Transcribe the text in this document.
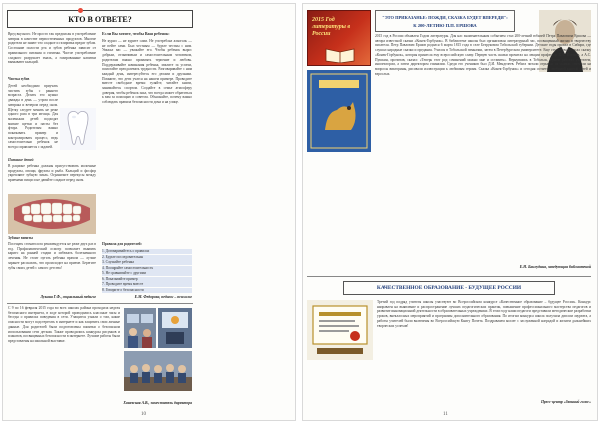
КТО В ОТВЕТЕ?
Вред вкусного. Не просто так предписан в употребление завтрак в качестве первостепенных продуктов. Многие родители не знают что сладкое и газировка вредят зубам. Состояние полости рта и зубов ребенка зависит от правильного питания и гигиены. Частое употребление сладкого разрушает эмаль, а газированные напитки вымывают кальций.
Чистка зубов
Детей необходимо приучать чистить зубы с раннего возраста. Делать это нужно дважды в день — утром после завтрака и вечером перед сном. Щетку следует менять не реже одного раза в три месяца. Для маленьких детей подходят мягкие щетки и пасты без фтора. Родителям важно показывать пример и контролировать процесс, ведь самостоятельно ребенок не всегда справляется с задачей.
Питание детей
В рационе ребенка должны присутствовать молочные продукты, овощи, фрукты и рыба. Кальций и фосфор укрепляют зубную эмаль. Ограничьте перекусы между приемами пищи и не давайте сладкое перед сном.
Зубные визиты
Посещать стоматолога рекомендуется не реже двух раз в год. Профилактический осмотр позволяет выявить кариес на ранней стадии и избежать болезненного лечения. Не стоит пугать ребенка врачом — лучше заранее рассказать, что происходит на приеме. Берегите зубы своих детей с самого детства!
Лукина Г.Ф., социальный педагог
Если Вы хотите, чтобы Ваш ребенок:
Не курил — не курите сами. Не употреблял алкоголь — не пейте сами. Был честным — будьте честны с ним. Уважал вас — уважайте его. Чтобы ребенок вырос добрым, отзывчивым и самостоятельным человеком, родителям важно проявлять терпение и любовь. Поддерживайте начинания ребенка, хвалите за успехи, помогайте преодолевать трудности. Разговаривайте с ним каждый день, интересуйтесь его делами и друзьями. Помните, что дети учатся на нашем примере. Проводите вместе свободное время: гуляйте, читайте книги, занимайтесь спортом. Создайте в семье атмосферу доверия, чтобы ребенок знал, что всегда может обратиться к вам за помощью и советом. Объясняйте, почему важно соблюдать правила безопасности дома и на улице.
Правила для родителей:
1. Договаривайтесь о правилах
2. Будьте последовательны
3. Слушайте ребенка
4. Поощряйте самостоятельность
5. Не сравнивайте с другими
6. Показывайте пример
7. Проводите время вместе
8. Говорите о безопасности
Е.М. Федорова, педагог – психолог
С 9 по 16 февраля 2015 года во всех школах района проходила неделя безопасного интернета, в ходе которой проводились классные часы и беседы о правилах поведения в сети. Учащиеся узнали о том, какие опасности могут подстерегать в интернете и как защитить свои личные данные. Для родителей были подготовлены памятки о безопасном использовании сети детьми. Также проводились конкурсы рисунков и плакатов, посвященных безопасности в интернете. Лучшие работы были представлены на школьной выставке.
Ханевская А.В., заместитель директора
10
2015 Год литературы в России
"ЭТО ПРИКАЗАНЬЕ: ПОЖДИ, СКАЗКА БУДЕТ ВПЕРЕДИ":
К 200-ЛЕТИЮ П.П. ЕРШОВА
2015 год в России объявлен Годом литературы. Для нас знаменательным событием стал 200-летний юбилей Петра Павловича Ершова — автора известной сказки «Конек-Горбунок». В библиотеке школы был организован литературный час, посвященный жизни и творчеству писателя. Петр Павлович Ершов родился 6 марта 1815 года в селе Безруковом Тобольской губернии. Детские годы провел в Сибири, где слушал народные сказки и предания. Учился в Тобольской гимназии, затем в Петербургском университете. Еще студентом написал сказку «Конек-Горбунок», которая принесла ему всероссийскую славу. Первую часть сказки прочитал на лекции профессор П.А. Плетнев, а А.С. Пушкин, прочитав, сказал: «Теперь этот род сочинений можно мне и оставить». Вернувшись в Тобольск, Ершов работал учителем, инспектором, а затем директором гимназии. Среди его учеников был Д.И. Менделеев. Ребята читали отрывки из сказки, отвечали на вопросы викторины, рисовали иллюстрации к любимым героям. Сказка «Конек-Горбунок» и сегодня остается любимой книгой детей и взрослых.
Е.Н. Баилудина, заведующая библиотекой
КАЧЕСТВЕННОЕ ОБРАЗОВАНИЕ - БУДУЩЕЕ РОССИИ
Третий год подряд учителя школы участвуют во Всероссийском конкурсе «Качественное образование – будущее России». Конкурс направлен на выявление и распространение лучших педагогических практик, повышение профессионального мастерства педагогов и развитие инновационной деятельности в образовательных учреждениях. В этом году наши педагоги представили методические разработки уроков, внеклассных мероприятий и программы дополнительного образования. По итогам конкурса школа получила диплом лауреата, а работы учителей были включены во Всероссийскую Книгу Почета. Поздравляем коллег с заслуженной наградой и желаем дальнейших творческих успехов!
Пресс-центр «Звонкий голос»
11
